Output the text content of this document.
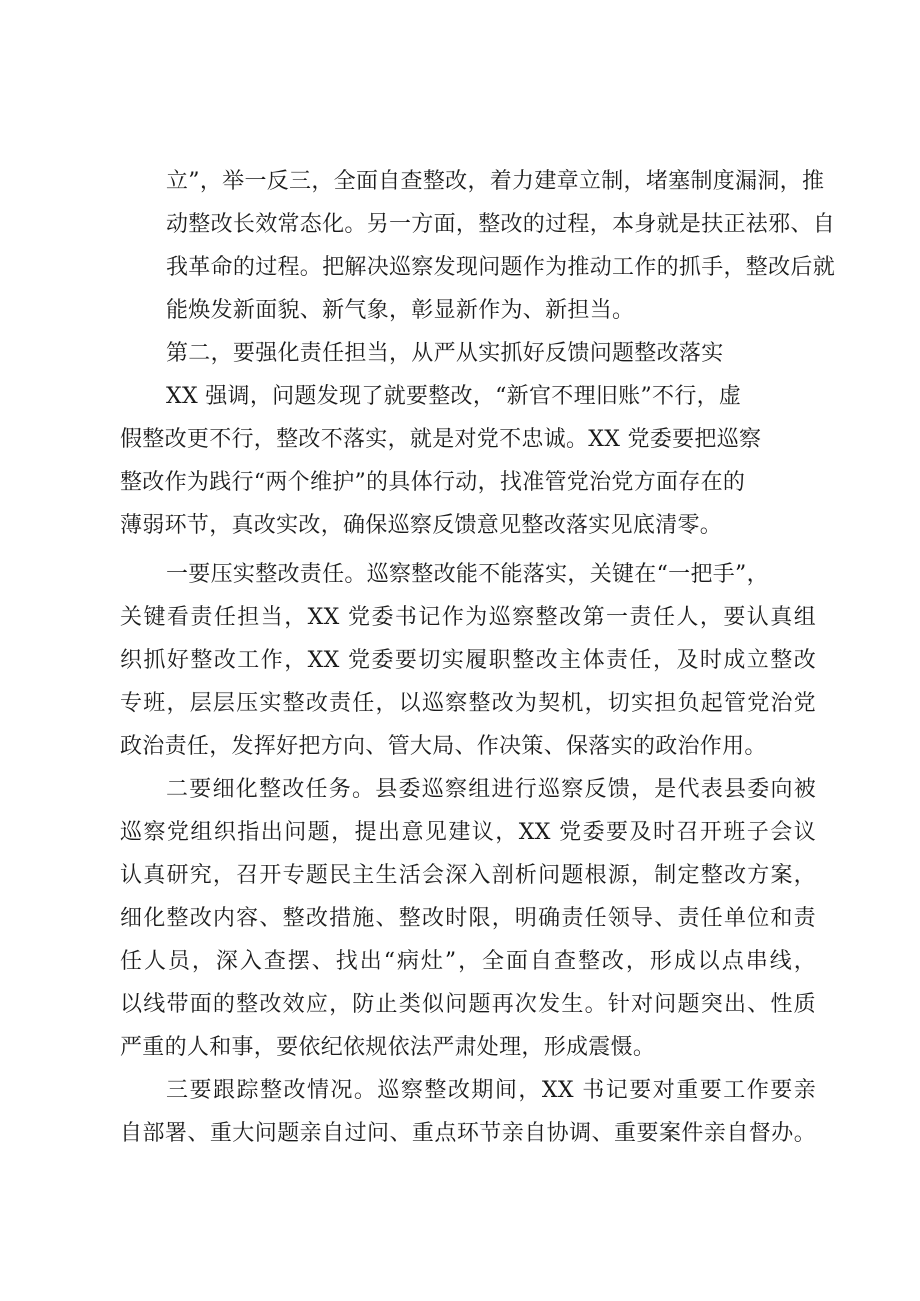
立”，举一反三，全面自查整改，着力建章立制，堵塞制度漏洞，推
动整改长效常态化。另一方面，整改的过程，本身就是扶正祛邪、自
我革命的过程。把解决巡察发现问题作为推动工作的抓手，整改后就
能焕发新面貌、新气象，彰显新作为、新担当。
第二，要强化责任担当，从严从实抓好反馈问题整改落实
XX 强调，问题发现了就要整改，“新官不理旧账”不行，虚
假整改更不行，整改不落实，就是对党不忠诚。XX 党委要把巡察
整改作为践行“两个维护”的具体行动，找准管党治党方面存在的
薄弱环节，真改实改，确保巡察反馈意见整改落实见底清零。
一要压实整改责任。巡察整改能不能落实，关键在“一把手”，
关键看责任担当，XX 党委书记作为巡察整改第一责任人，要认真组
织抓好整改工作，XX 党委要切实履职整改主体责任，及时成立整改
专班，层层压实整改责任，以巡察整改为契机，切实担负起管党治党
政治责任，发挥好把方向、管大局、作决策、保落实的政治作用。
二要细化整改任务。县委巡察组进行巡察反馈，是代表县委向被
巡察党组织指出问题，提出意见建议，XX 党委要及时召开班子会议
认真研究，召开专题民主生活会深入剖析问题根源，制定整改方案，
细化整改内容、整改措施、整改时限，明确责任领导、责任单位和责
任人员，深入查摆、找出“病灶”，全面自查整改，形成以点串线，
以线带面的整改效应，防止类似问题再次发生。针对问题突出、性质
严重的人和事，要依纪依规依法严肃处理，形成震慑。
三要跟踪整改情况。巡察整改期间，XX 书记要对重要工作要亲
自部署、重大问题亲自过问、重点环节亲自协调、重要案件亲自督办。
